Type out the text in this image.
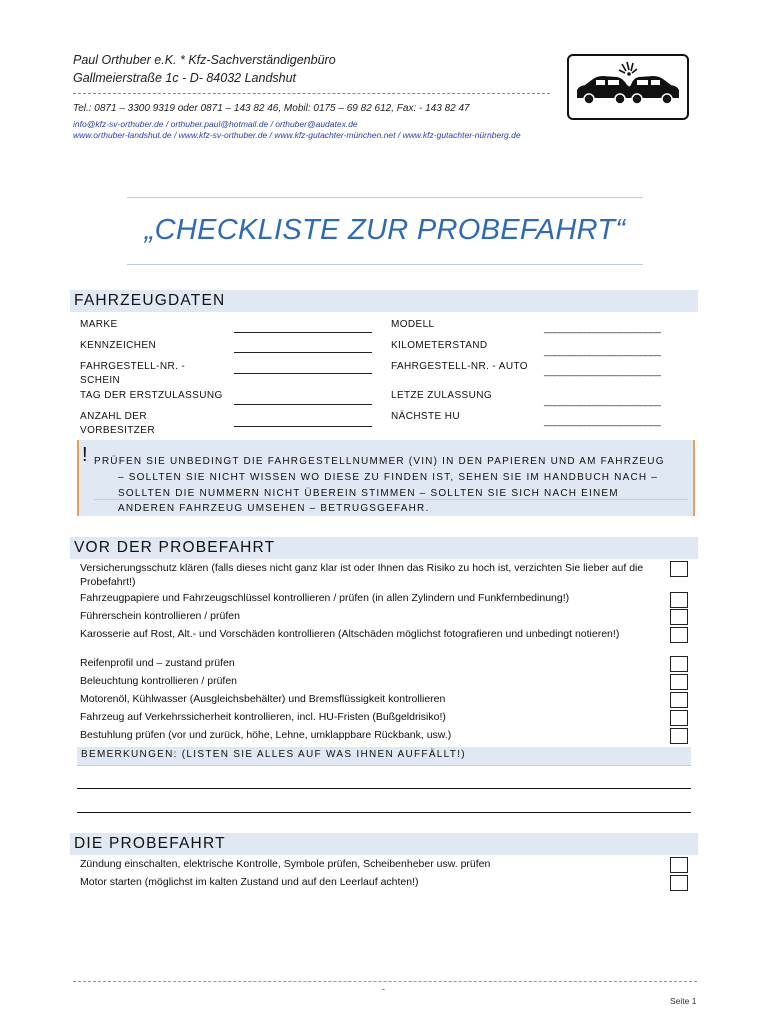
Paul Orthuber e.K. * Kfz-Sachverständigenbüro
Gallmeierstraße 1c - D- 84032 Landshut
Tel.: 0871 – 3300 9319 oder 0871 – 143 82 46, Mobil: 0175 – 69 82 612, Fax: - 143 82 47
info@kfz-sv-orthuber.de / orthuber.paul@hotmail.de / orthuber@audatex.de
www.orthuber-landshut.de / www.kfz-sv-orthuber.de / www.kfz-gutachter-münchen.net / www.kfz-gutachter-nürnberg.de
„CHECKLISTE ZUR PROBEFAHRT“
FAHRZEUGDATEN
MARKE
KENNZEICHEN
FAHRGESTELL-NR. - SCHEIN
TAG DER ERSTZULASSUNG
ANZAHL DER VORBESITZER
MODELL	_______________________
KILOMETERSTAND
_______________________
FAHRGESTELL-NR. - AUTO _______________________
LETZE ZULASSUNG
_______________________
NÄCHSTE HU	_______________________
! PRÜFEN SIE UNBEDINGT DIE FAHRGESTELLNUMMER (VIN) IN DEN PAPIEREN UND AM FAHRZEUG
– SOLLTEN SIE NICHT WISSEN WO DIESE ZU FINDEN IST, SEHEN SIE IM HANDBUCH NACH –
SOLLTEN DIE NUMMERN NICHT ÜBEREIN STIMMEN – SOLLTEN SIE SICH NACH EINEM
ANDEREN FAHRZEUG UMSEHEN – BETRUGSGEFAHR.
VOR DER PROBEFAHRT
Versicherungsschutz klären (falls dieses nicht ganz klar ist oder Ihnen das Risiko zu hoch ist, verzichten Sie lieber auf die Probefahrt!)
Fahrzeugpapiere und Fahrzeugschlüssel kontrollieren / prüfen (in allen Zylindern und Funkfernbedinung!)
Führerschein kontrollieren / prüfen
Karosserie auf Rost, Alt.- und Vorschäden kontrollieren (Altschäden möglichst fotografieren und unbedingt notieren!)
Reifenprofil und – zustand prüfen
Beleuchtung kontrollieren / prüfen
Motorenöl, Kühlwasser (Ausgleichsbehälter) und Bremsflüssigkeit kontrollieren
Fahrzeug auf Verkehrssicherheit kontrollieren, incl. HU-Fristen (Bußgeldrisiko!)
Bestuhlung prüfen (vor und zurück, höhe, Lehne, umklappbare Rückbank, usw.)
BEMERKUNGEN: (LISTEN SIE ALLES AUF WAS IHNEN AUFFÄLLT!)
DIE PROBEFAHRT
Zündung einschalten, elektrische Kontrolle, Symbole prüfen, Scheibenheber usw. prüfen
Motor starten (möglichst im kalten Zustand und auf den Leerlauf achten!)
-
Seite 1
